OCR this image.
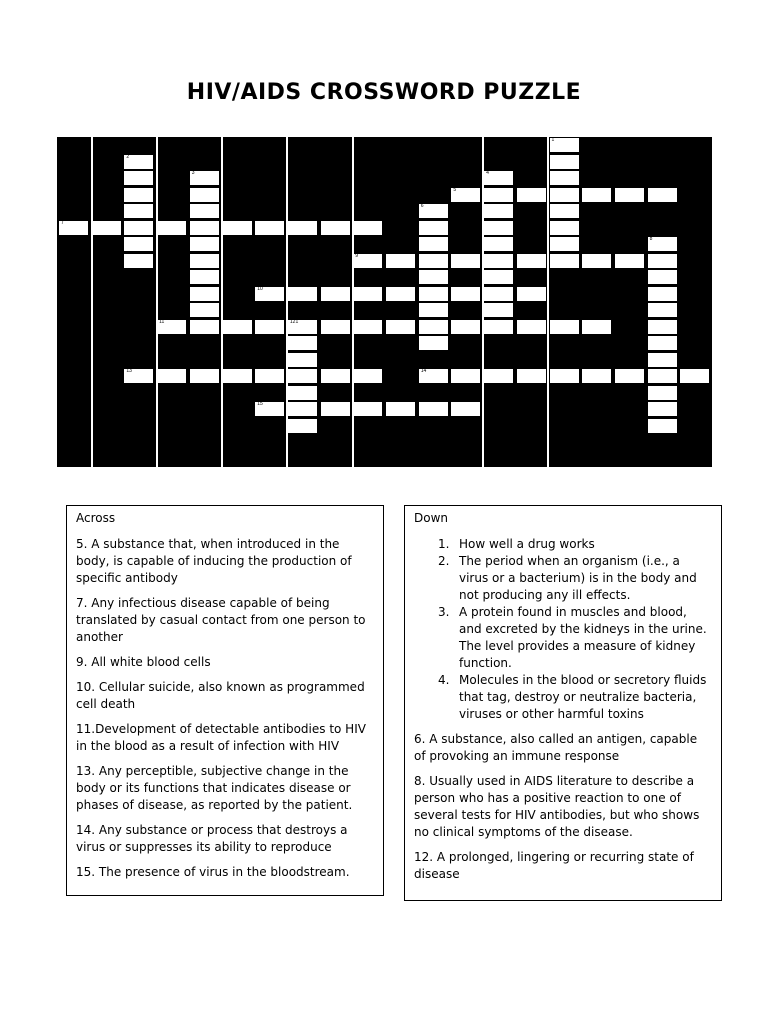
HIV/AIDS CROSSWORD PUZZLE
1
2
3	4
6
8
121
5
7
9
10
11
13	14
15
Across
5. A substance that, when introduced in the body, is capable of inducing the production of specific antibody
7. Any infectious disease capable of being translated by casual contact from one person to another
9. All white blood cells
10. Cellular suicide, also known as programmed cell death
11.Development of detectable antibodies to HIV in the blood as a result of infection with HIV
13. Any perceptible, subjective change in the body or its functions that indicates disease or phases of disease, as reported by the patient.
14. Any substance or process that destroys a virus or suppresses its ability to reproduce
15. The presence of virus in the bloodstream.
Down
1. How well a drug works
2. The period when an organism (i.e., a virus or a bacterium) is in the body and not producing any ill effects.
3. A protein found in muscles and blood, and excreted by the kidneys in the urine. The level provides a measure of kidney function.
4. Molecules in the blood or secretory fluids that tag, destroy or neutralize bacteria, viruses or other harmful toxins
6. A substance, also called an antigen, capable of provoking an immune response
8. Usually used in AIDS literature to describe a person who has a positive reaction to one of several tests for HIV antibodies, but who shows no clinical symptoms of the disease.
12. A prolonged, lingering or recurring state of disease
